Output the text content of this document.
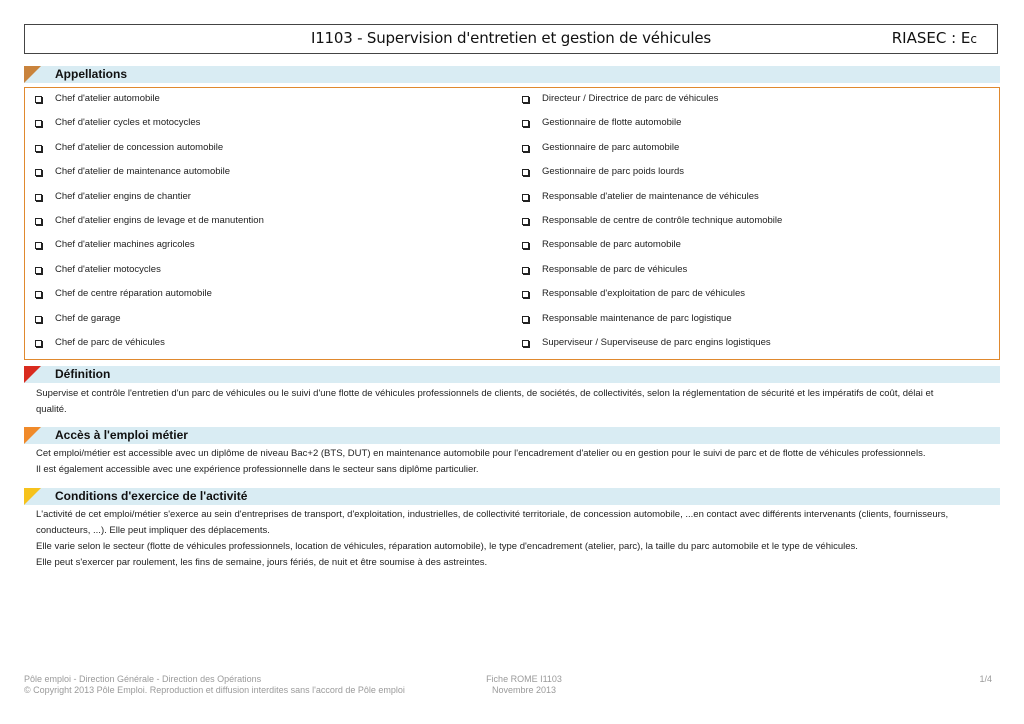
I1103 - Supervision d'entretien et gestion de véhicules	RIASEC : Ec
Appellations
Chef d'atelier automobile
Chef d'atelier cycles et motocycles
Chef d'atelier de concession automobile
Chef d'atelier de maintenance automobile
Chef d'atelier engins de chantier
Chef d'atelier engins de levage et de manutention
Chef d'atelier machines agricoles
Chef d'atelier motocycles
Chef de centre réparation automobile
Chef de garage
Chef de parc de véhicules
Directeur / Directrice de parc de véhicules
Gestionnaire de flotte automobile
Gestionnaire de parc automobile
Gestionnaire de parc poids lourds
Responsable d'atelier de maintenance de véhicules
Responsable de centre de contrôle technique automobile
Responsable de parc automobile
Responsable de parc de véhicules
Responsable d'exploitation de parc de véhicules
Responsable maintenance de parc logistique
Superviseur / Superviseuse de parc engins logistiques
Définition

Supervise et contrôle l'entretien d'un parc de véhicules ou le suivi d'une flotte de véhicules professionnels de clients, de sociétés, de collectivités, selon la réglementation de sécurité et les impératifs de coût, délai et

qualité.

Accès à l'emploi métier

Cet emploi/métier est accessible avec un diplôme de niveau Bac+2 (BTS, DUT) en maintenance automobile pour l'encadrement d'atelier ou en gestion pour le suivi de parc et de flotte de véhicules professionnels.

Il est également accessible avec une expérience professionnelle dans le secteur sans diplôme particulier.

Conditions d'exercice de l'activité

L'activité de cet emploi/métier s'exerce au sein d'entreprises de transport, d'exploitation, industrielles, de collectivité territoriale, de concession automobile, ...en contact avec différents intervenants (clients, fournisseurs,

conducteurs, ...). Elle peut impliquer des déplacements.

Elle varie selon le secteur (flotte de véhicules professionnels, location de véhicules, réparation automobile), le type d'encadrement (atelier, parc), la taille du parc automobile et le type de véhicules.

Elle peut s'exercer par roulement, les fins de semaine, jours fériés, de nuit et être soumise à des astreintes.

Pôle emploi - Direction Générale - Direction des Opérations
© Copyright 2013 Pôle Emploi. Reproduction et diffusion interdites sans l'accord de Pôle emploi
Fiche ROME I1103
Novembre 2013
1/4
